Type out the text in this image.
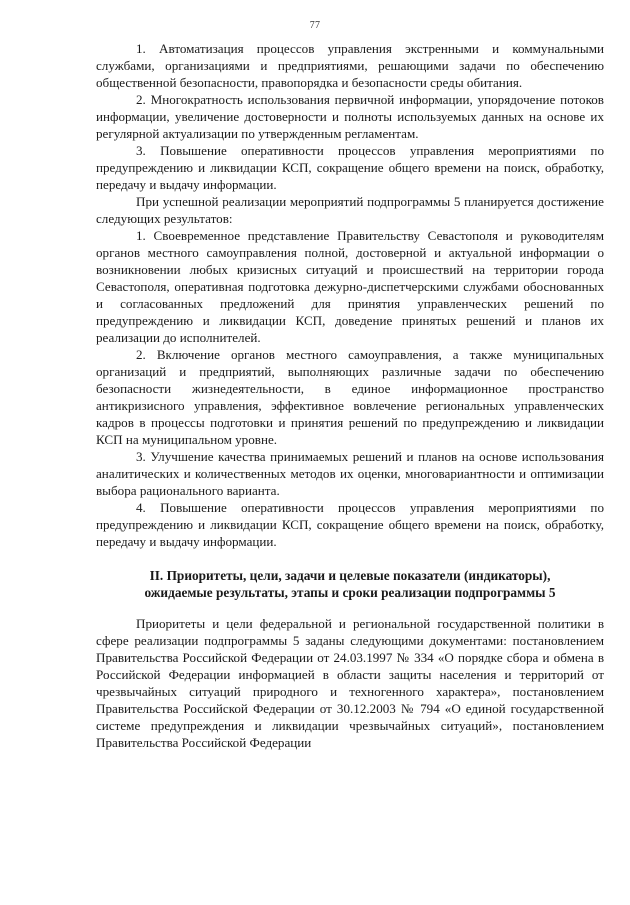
77

1. Автоматизация процессов управления экстренными и коммунальными службами, организациями и предприятиями, решающими задачи по обеспечению общественной безопасности, правопорядка и безопасности среды обитания.

2. Многократность использования первичной информации, упорядочение потоков информации, увеличение достоверности и полноты используемых данных на основе их регулярной актуализации по утвержденным регламентам.

3. Повышение оперативности процессов управления мероприятиями по предупреждению и ликвидации КСП, сокращение общего времени на поиск, обработку, передачу и выдачу информации.

При успешной реализации мероприятий подпрограммы 5 планируется достижение следующих результатов:

1. Своевременное представление Правительству Севастополя и руководителям органов местного самоуправления полной, достоверной и актуальной информации о возникновении любых кризисных ситуаций и происшествий на территории города Севастополя, оперативная подготовка дежурно-диспетчерскими службами обоснованных и согласованных предложений для принятия управленческих решений по предупреждению и ликвидации КСП, доведение принятых решений и планов их реализации до исполнителей.

2. Включение органов местного самоуправления, а также муниципальных организаций и предприятий, выполняющих различные задачи по обеспечению безопасности жизнедеятельности, в единое информационное пространство антикризисного управления, эффективное вовлечение региональных управленческих кадров в процессы подготовки и принятия решений по предупреждению и ликвидации КСП на муниципальном уровне.

3. Улучшение качества принимаемых решений и планов на основе использования аналитических и количественных методов их оценки, многовариантности и оптимизации выбора рационального варианта.

4. Повышение оперативности процессов управления мероприятиями по предупреждению и ликвидации КСП, сокращение общего времени на поиск, обработку, передачу и выдачу информации.

II. Приоритеты, цели, задачи и целевые показатели (индикаторы),

ожидаемые результаты, этапы и сроки реализации подпрограммы 5

Приоритеты и цели федеральной и региональной государственной политики в сфере реализации подпрограммы 5 заданы следующими документами: постановлением Правительства Российской Федерации от 24.03.1997 № 334 «О порядке сбора и обмена в Российской Федерации информацией в области защиты населения и территорий от чрезвычайных ситуаций природного и техногенного характера», постановлением Правительства Российской Федерации от 30.12.2003 № 794 «О единой государственной системе предупреждения и ликвидации чрезвычайных ситуаций», постановлением Правительства Российской Федерации
